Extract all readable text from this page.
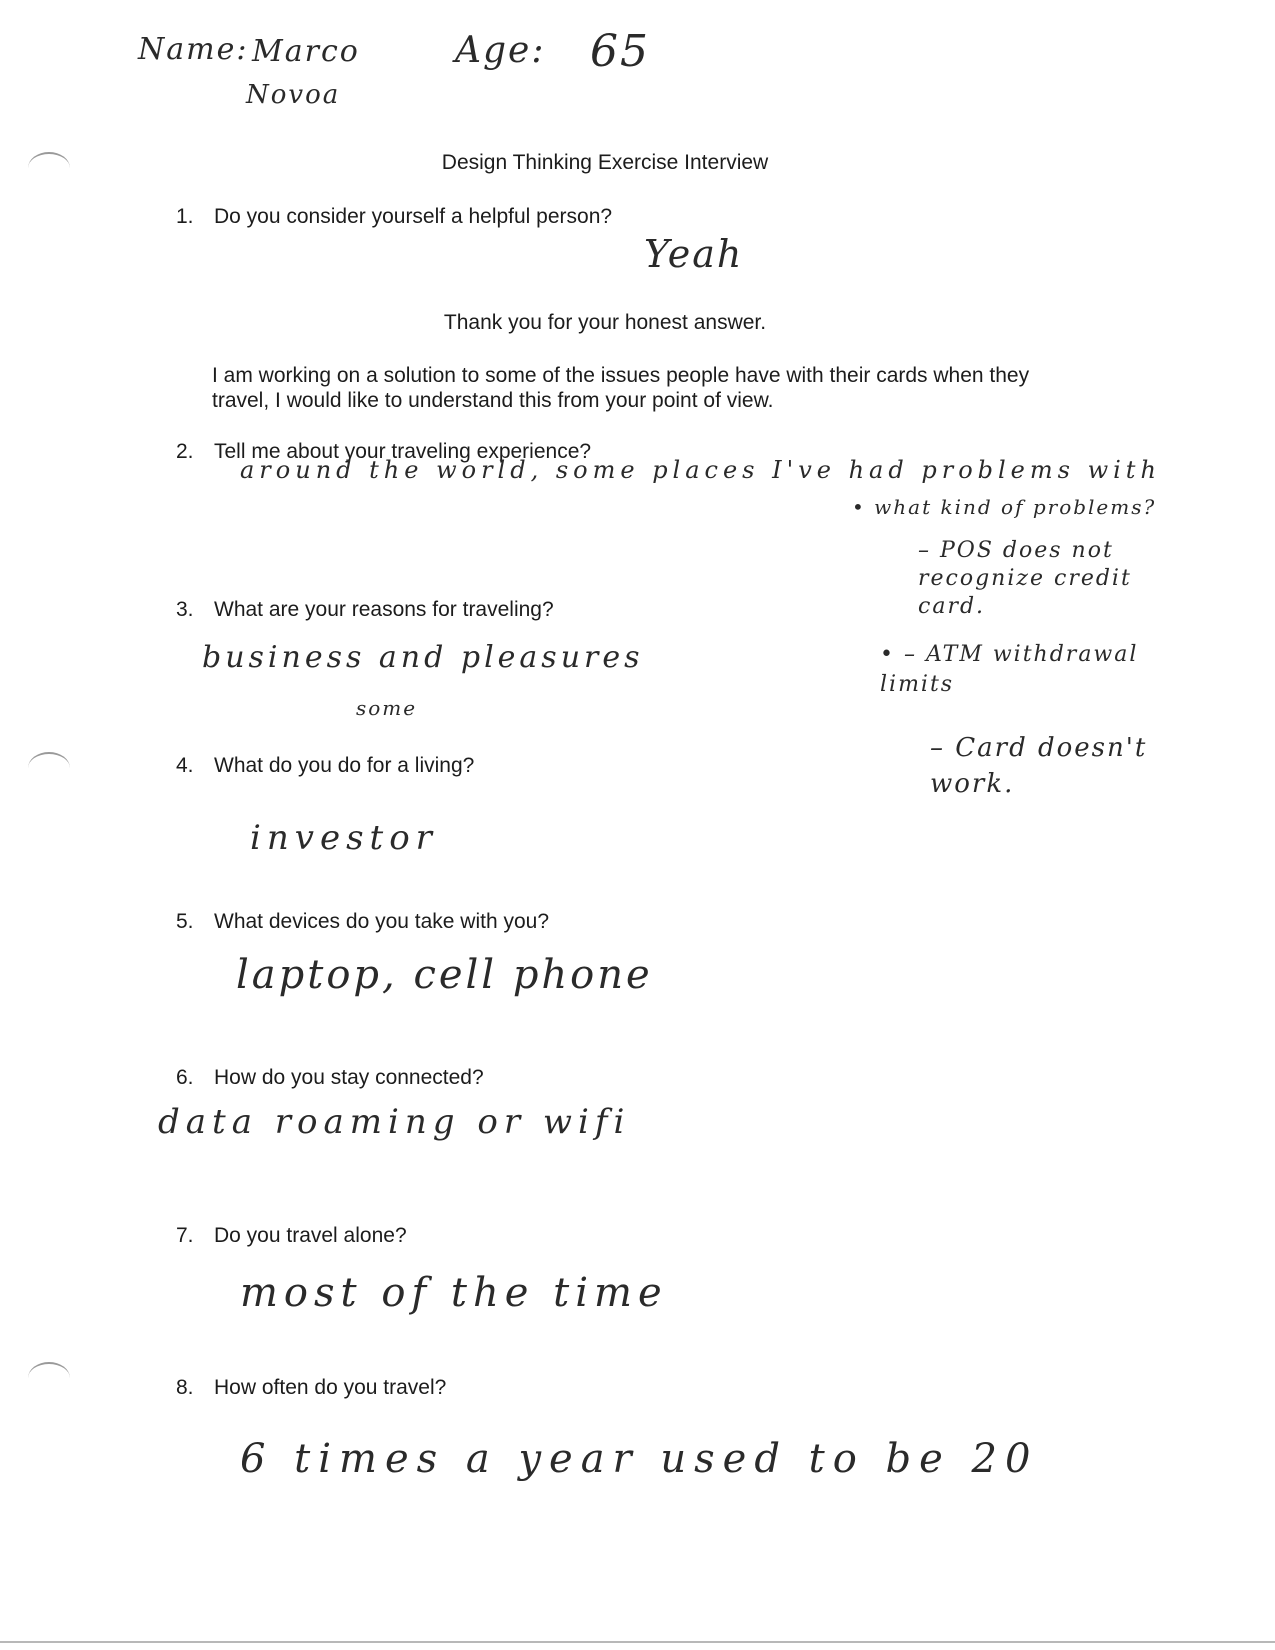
Name: Marco
Novoa
Age: 65
Design Thinking Exercise Interview
1. Do you consider yourself a helpful person?
Yeah
Thank you for your honest answer.
I am working on a solution to some of the issues people have with their cards when they
travel, I would like to understand this from your point of view.
2. Tell me about your traveling experience?
around the world, some places I've had problems with
• what kind of problems?
– POS does not recognize credit card.
• – ATM withdrawal limits
– Card doesn't work.
3. What are your reasons for traveling?
business and pleasures
some
4. What do you do for a living?
investor
5. What devices do you take with you?
laptop, cell phone
6. How do you stay connected?
data roaming or wifi
7. Do you travel alone?
most of the time
8. How often do you travel?
6 times a year used to be 20
